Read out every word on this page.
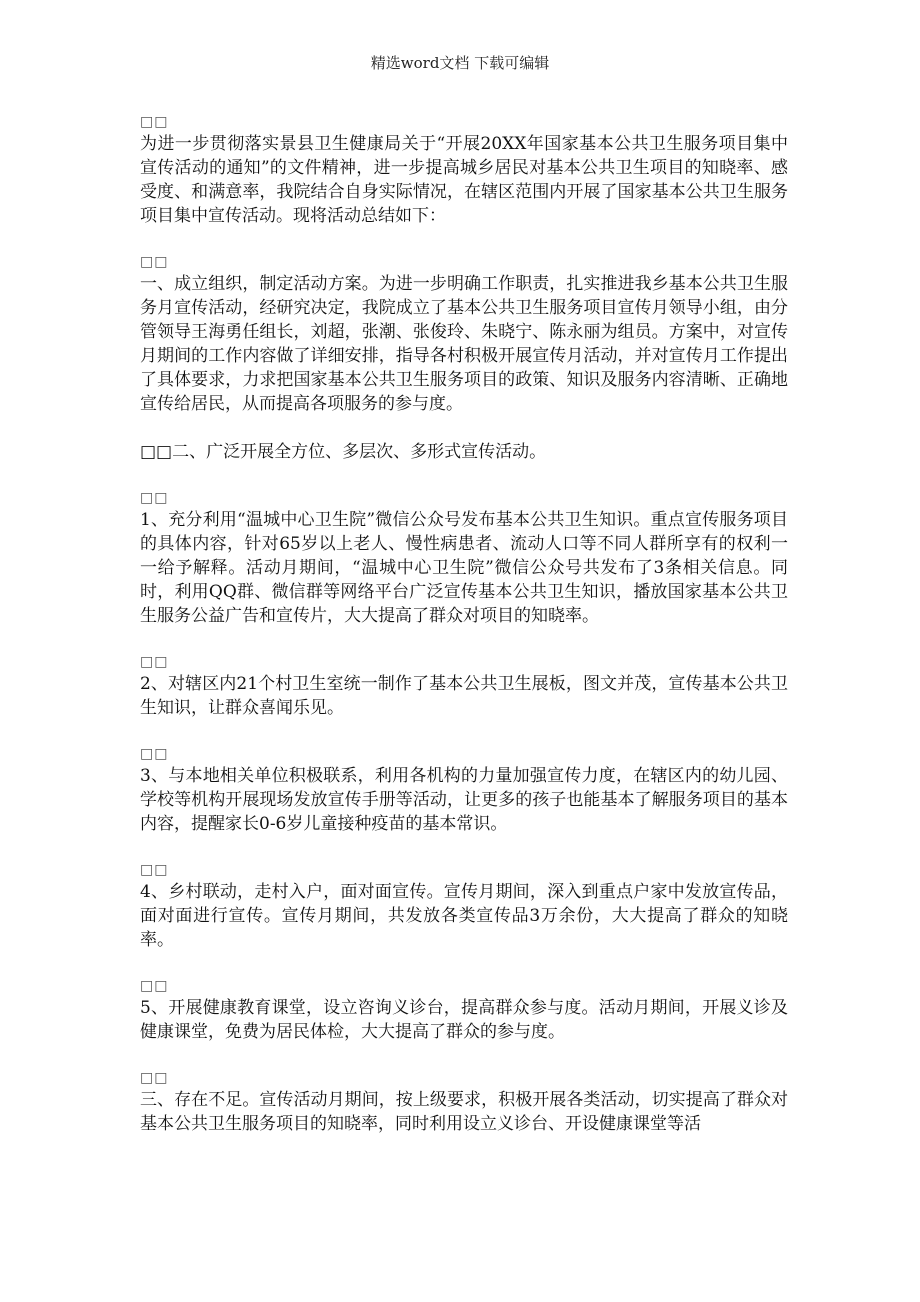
精选word文档 下载可编辑
□□

为进一步贯彻落实景县卫生健康局关于“开展20XX年国家基本公共卫生服务项目集中宣传活动的通知”的文件精神，进一步提高城乡居民对基本公共卫生项目的知晓率、感受度、和满意率，我院结合自身实际情况，在辖区范围内开展了国家基本公共卫生服务项目集中宣传活动。现将活动总结如下：

□□

一、成立组织，制定活动方案。为进一步明确工作职责，扎实推进我乡基本公共卫生服务月宣传活动，经研究决定，我院成立了基本公共卫生服务项目宣传月领导小组，由分管领导王海勇任组长，刘超，张潮、张俊玲、朱晓宁、陈永丽为组员。方案中，对宣传月期间的工作内容做了详细安排，指导各村积极开展宣传月活动，并对宣传月工作提出了具体要求，力求把国家基本公共卫生服务项目的政策、知识及服务内容清晰、正确地宣传给居民，从而提高各项服务的参与度。

□□二、广泛开展全方位、多层次、多形式宣传活动。

□□

1、充分利用“温城中心卫生院”微信公众号发布基本公共卫生知识。重点宣传服务项目的具体内容，针对65岁以上老人、慢性病患者、流动人口等不同人群所享有的权利一一给予解释。活动月期间，“温城中心卫生院”微信公众号共发布了3条相关信息。同时，利用QQ群、微信群等网络平台广泛宣传基本公共卫生知识，播放国家基本公共卫生服务公益广告和宣传片，大大提高了群众对项目的知晓率。

□□

2、对辖区内21个村卫生室统一制作了基本公共卫生展板，图文并茂，宣传基本公共卫生知识，让群众喜闻乐见。

□□

3、与本地相关单位积极联系，利用各机构的力量加强宣传力度，在辖区内的幼儿园、学校等机构开展现场发放宣传手册等活动，让更多的孩子也能基本了解服务项目的基本内容，提醒家长0-6岁儿童接种疫苗的基本常识。

□□

4、乡村联动，走村入户，面对面宣传。宣传月期间，深入到重点户家中发放宣传品，面对面进行宣传。宣传月期间，共发放各类宣传品3万余份，大大提高了群众的知晓率。

□□

5、开展健康教育课堂，设立咨询义诊台，提高群众参与度。活动月期间，开展义诊及健康课堂，免费为居民体检，大大提高了群众的参与度。

□□

三、存在不足。宣传活动月期间，按上级要求，积极开展各类活动，切实提高了群众对基本公共卫生服务项目的知晓率，同时利用设立义诊台、开设健康课堂等活
